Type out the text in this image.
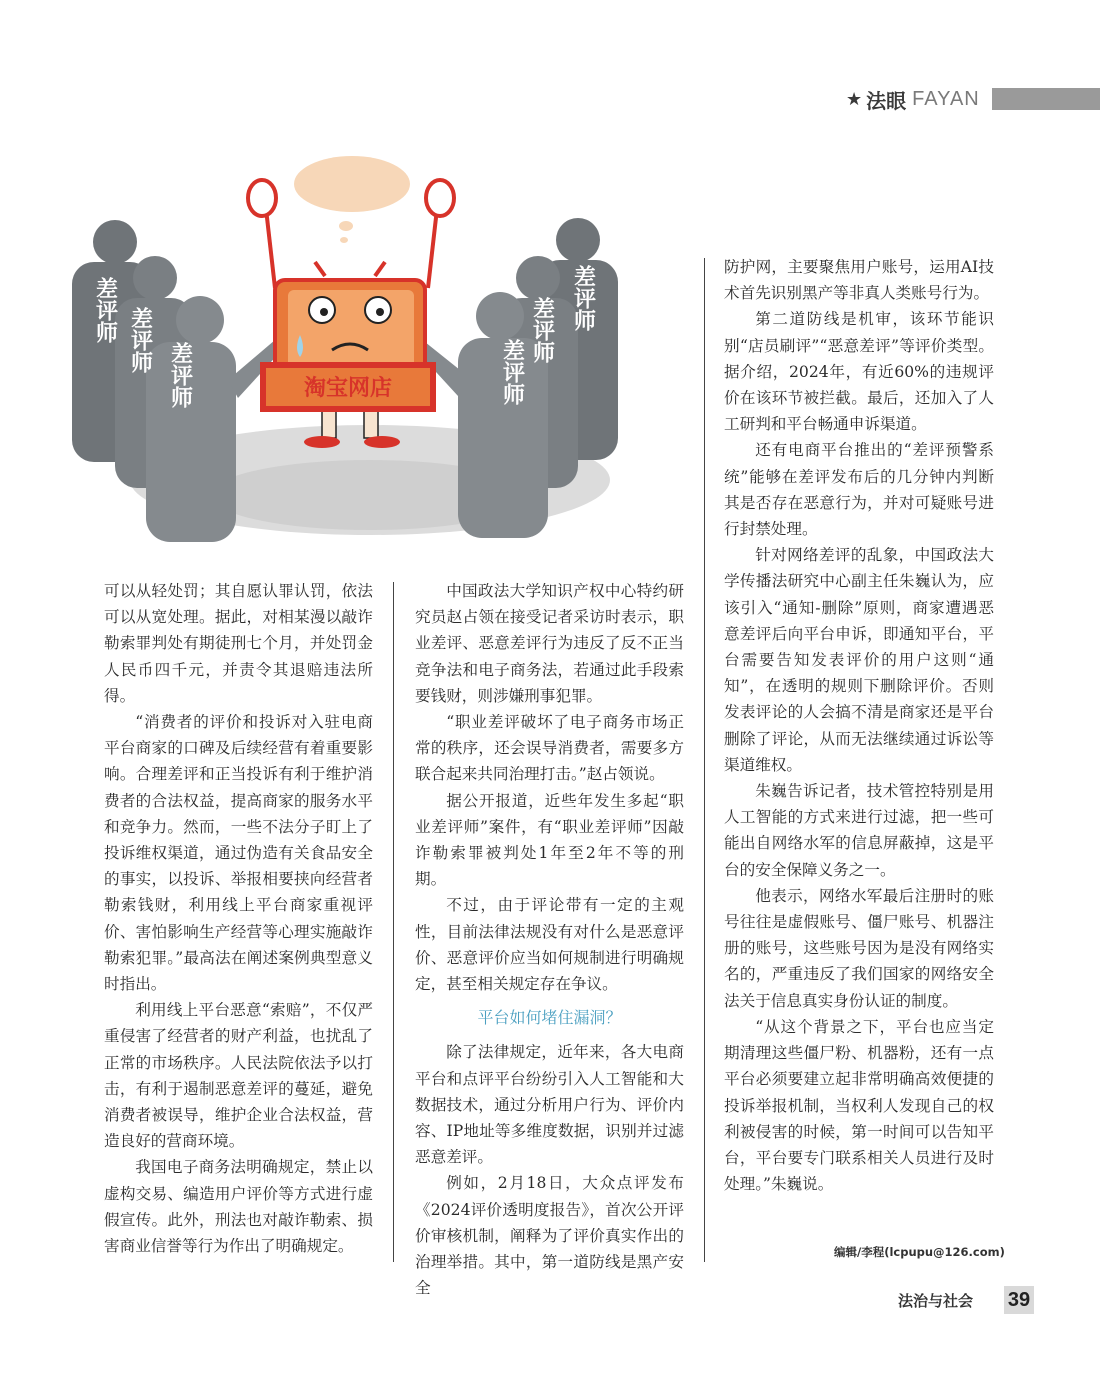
★ 法眼 FAYAN
差评师 差评师
差评师
差评师
差评师
差评师
淘宝网店

可以从轻处罚；其自愿认罪认罚，依法可以从宽处理。据此，对相某漫以敲诈勒索罪判处有期徒刑七个月，并处罚金人民币四千元，并责令其退赔违法所得。

“消费者的评价和投诉对入驻电商平台商家的口碑及后续经营有着重要影响。合理差评和正当投诉有利于维护消费者的合法权益，提高商家的服务水平和竞争力。然而，一些不法分子盯上了投诉维权渠道，通过伪造有关食品安全的事实，以投诉、举报相要挟向经营者勒索钱财，利用线上平台商家重视评价、害怕影响生产经营等心理实施敲诈勒索犯罪。”最高法在阐述案例典型意义时指出。

利用线上平台恶意“索赔”，不仅严重侵害了经营者的财产利益，也扰乱了正常的市场秩序。人民法院依法予以打击，有利于遏制恶意差评的蔓延，避免消费者被误导，维护企业合法权益，营造良好的营商环境。

我国电子商务法明确规定，禁止以虚构交易、编造用户评价等方式进行虚假宣传。此外，刑法也对敲诈勒索、损害商业信誉等行为作出了明确规定。

中国政法大学知识产权中心特约研究员赵占领在接受记者采访时表示，职业差评、恶意差评行为违反了反不正当竞争法和电子商务法，若通过此手段索要钱财，则涉嫌刑事犯罪。

“职业差评破坏了电子商务市场正常的秩序，还会误导消费者，需要多方联合起来共同治理打击。”赵占领说。

据公开报道，近些年发生多起“职业差评师”案件，有“职业差评师”因敲诈勒索罪被判处1年至2年不等的刑期。

不过，由于评论带有一定的主观性，目前法律法规没有对什么是恶意评价、恶意评价应当如何规制进行明确规定，甚至相关规定存在争议。

平台如何堵住漏洞？

除了法律规定，近年来，各大电商平台和点评平台纷纷引入人工智能和大数据技术，通过分析用户行为、评价内容、IP地址等多维度数据，识别并过滤恶意差评。

例如，2月18日，大众点评发布《2024评价透明度报告》，首次公开评价审核机制，阐释为了评价真实作出的治理举措。其中，第一道防线是黑产安全

防护网，主要聚焦用户账号，运用AI技术首先识别黑产等非真人类账号行为。

第二道防线是机审，该环节能识别“店员刷评”“恶意差评”等评价类型。据介绍，2024年，有近60%的违规评价在该环节被拦截。最后，还加入了人工研判和平台畅通申诉渠道。

还有电商平台推出的“差评预警系统”能够在差评发布后的几分钟内判断其是否存在恶意行为，并对可疑账号进行封禁处理。

针对网络差评的乱象，中国政法大学传播法研究中心副主任朱巍认为，应该引入“通知-删除”原则，商家遭遇恶意差评后向平台申诉，即通知平台，平台需要告知发表评价的用户这则“通知”，在透明的规则下删除评价。否则发表评论的人会搞不清是商家还是平台删除了评论，从而无法继续通过诉讼等渠道维权。

朱巍告诉记者，技术管控特别是用人工智能的方式来进行过滤，把一些可能出自网络水军的信息屏蔽掉，这是平台的安全保障义务之一。

他表示，网络水军最后注册时的账号往往是虚假账号、僵尸账号、机器注册的账号，这些账号因为是没有网络实名的，严重违反了我们国家的网络安全法关于信息真实身份认证的制度。

“从这个背景之下，平台也应当定期清理这些僵尸粉、机器粉，还有一点平台必须要建立起非常明确高效便捷的投诉举报机制，当权利人发现自己的权利被侵害的时候，第一时间可以告知平台，平台要专门联系相关人员进行及时处理。”朱巍说。

编辑/李程(lcpupu@126.com)
法治与社会 39
